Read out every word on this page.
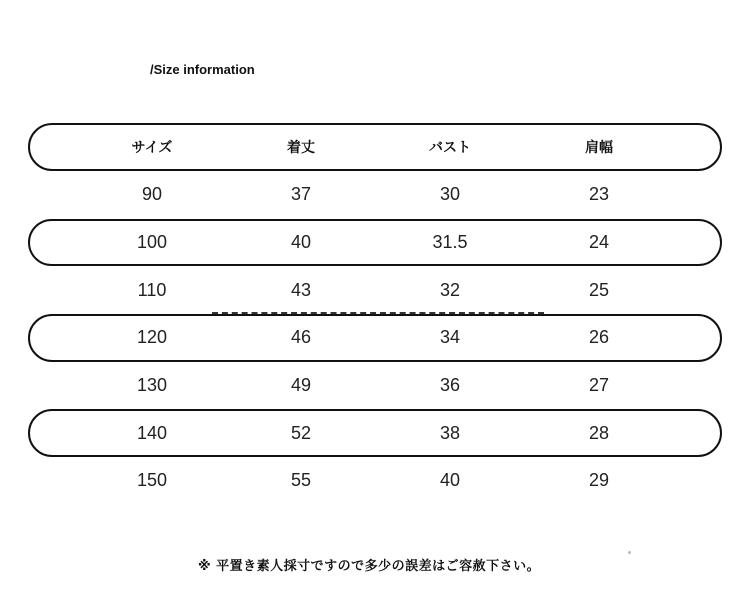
/Size information
サイズ	着丈	バスト	肩幅
90	37	30	23
100	40	31.5	24
110	43	32	25
120	46	34	26
130	49	36	27
140	52	38	28
150	55	40	29
※ 平置き素人採寸ですので多少の誤差はご容赦下さい。
